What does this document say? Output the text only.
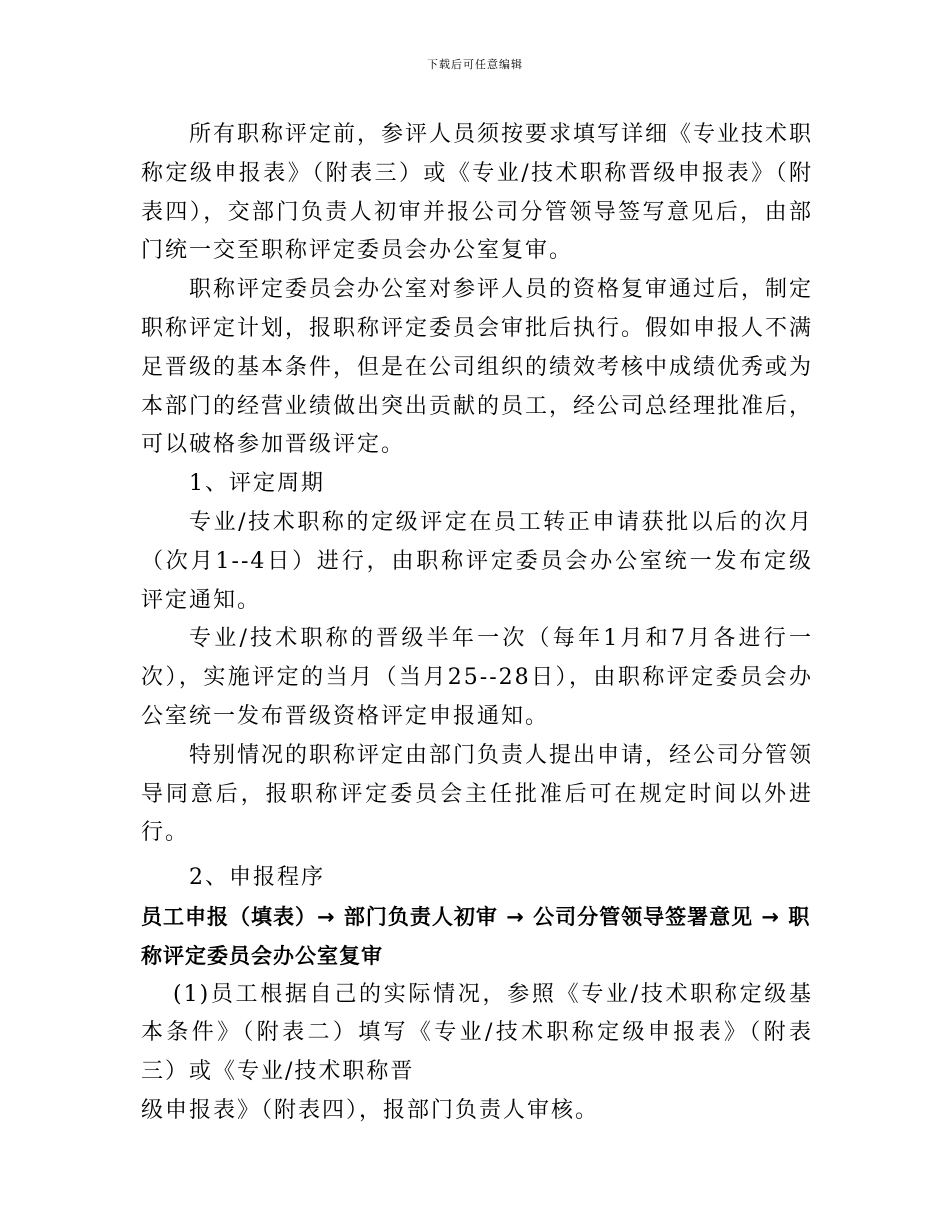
下载后可任意编辑

所有职称评定前，参评人员须按要求填写详细《专业技术职称定级申报表》（附表三）或《专业/技术职称晋级申报表》（附表四），交部门负责人初审并报公司分管领导签写意见后，由部门统一交至职称评定委员会办公室复审。

职称评定委员会办公室对参评人员的资格复审通过后，制定职称评定计划，报职称评定委员会审批后执行。假如申报人不满足晋级的基本条件，但是在公司组织的绩效考核中成绩优秀或为本部门的经营业绩做出突出贡献的员工，经公司总经理批准后，可以破格参加晋级评定。

1、评定周期

专业/技术职称的定级评定在员工转正申请获批以后的次月（次月1--4日）进行，由职称评定委员会办公室统一发布定级评定通知。

专业/技术职称的晋级半年一次（每年1月和7月各进行一次），实施评定的当月（当月25--28日），由职称评定委员会办公室统一发布晋级资格评定申报通知。

特别情况的职称评定由部门负责人提出申请，经公司分管领导同意后，报职称评定委员会主任批准后可在规定时间以外进行。

2、申报程序

员工申报（填表）→ 部门负责人初审 → 公司分管领导签署意见 → 职称评定委员会办公室复审

(1)员工根据自己的实际情况，参照《专业/技术职称定级基本条件》（附表二）填写《专业/技术职称定级申报表》（附表三）或《专业/技术职称晋

级申报表》（附表四），报部门负责人审核。
